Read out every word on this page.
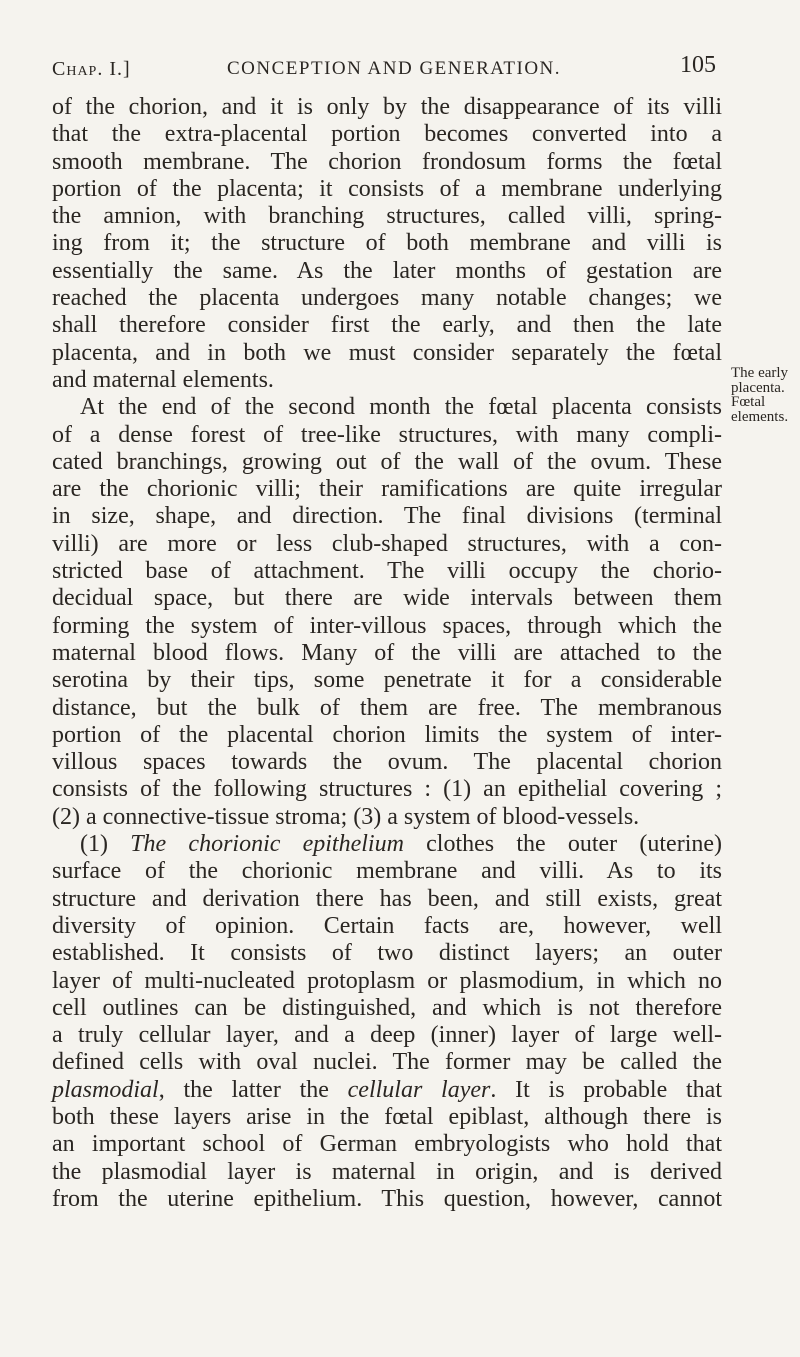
Chap. I.]	CONCEPTION AND GENERATION.	105
of the chorion, and it is only by the disappearance of its villi
that the extra-placental portion becomes converted into a
smooth membrane. The chorion frondosum forms the fœtal
portion of the placenta; it consists of a membrane underlying
the amnion, with branching structures, called villi, spring-
ing from it; the structure of both membrane and villi is
essentially the same. As the later months of gestation are
reached the placenta undergoes many notable changes; we
shall therefore consider first the early, and then the late
placenta, and in both we must consider separately the fœtal
and maternal elements.
At the end of the second month the fœtal placenta consists
of a dense forest of tree-like structures, with many compli-
cated branchings, growing out of the wall of the ovum. These
are the chorionic villi; their ramifications are quite irregular
in size, shape, and direction. The final divisions (terminal
villi) are more or less club-shaped structures, with a con-
stricted base of attachment. The villi occupy the chorio-
decidual space, but there are wide intervals between them
forming the system of inter-villous spaces, through which the
maternal blood flows. Many of the villi are attached to the
serotina by their tips, some penetrate it for a considerable
distance, but the bulk of them are free. The membranous
portion of the placental chorion limits the system of inter-
villous spaces towards the ovum. The placental chorion
consists of the following structures : (1) an epithelial covering ;
(2) a connective-tissue stroma; (3) a system of blood-vessels.
(1) The chorionic epithelium clothes the outer (uterine)
surface of the chorionic membrane and villi. As to its
structure and derivation there has been, and still exists, great
diversity of opinion. Certain facts are, however, well
established. It consists of two distinct layers; an outer
layer of multi-nucleated protoplasm or plasmodium, in which no
cell outlines can be distinguished, and which is not therefore
a truly cellular layer, and a deep (inner) layer of large well-
defined cells with oval nuclei. The former may be called the
plasmodial, the latter the cellular layer. It is probable that
both these layers arise in the fœtal epiblast, although there is
an important school of German embryologists who hold that
the plasmodial layer is maternal in origin, and is derived
from the uterine epithelium. This question, however, cannot
The early
placenta.
Fœtal
elements.
